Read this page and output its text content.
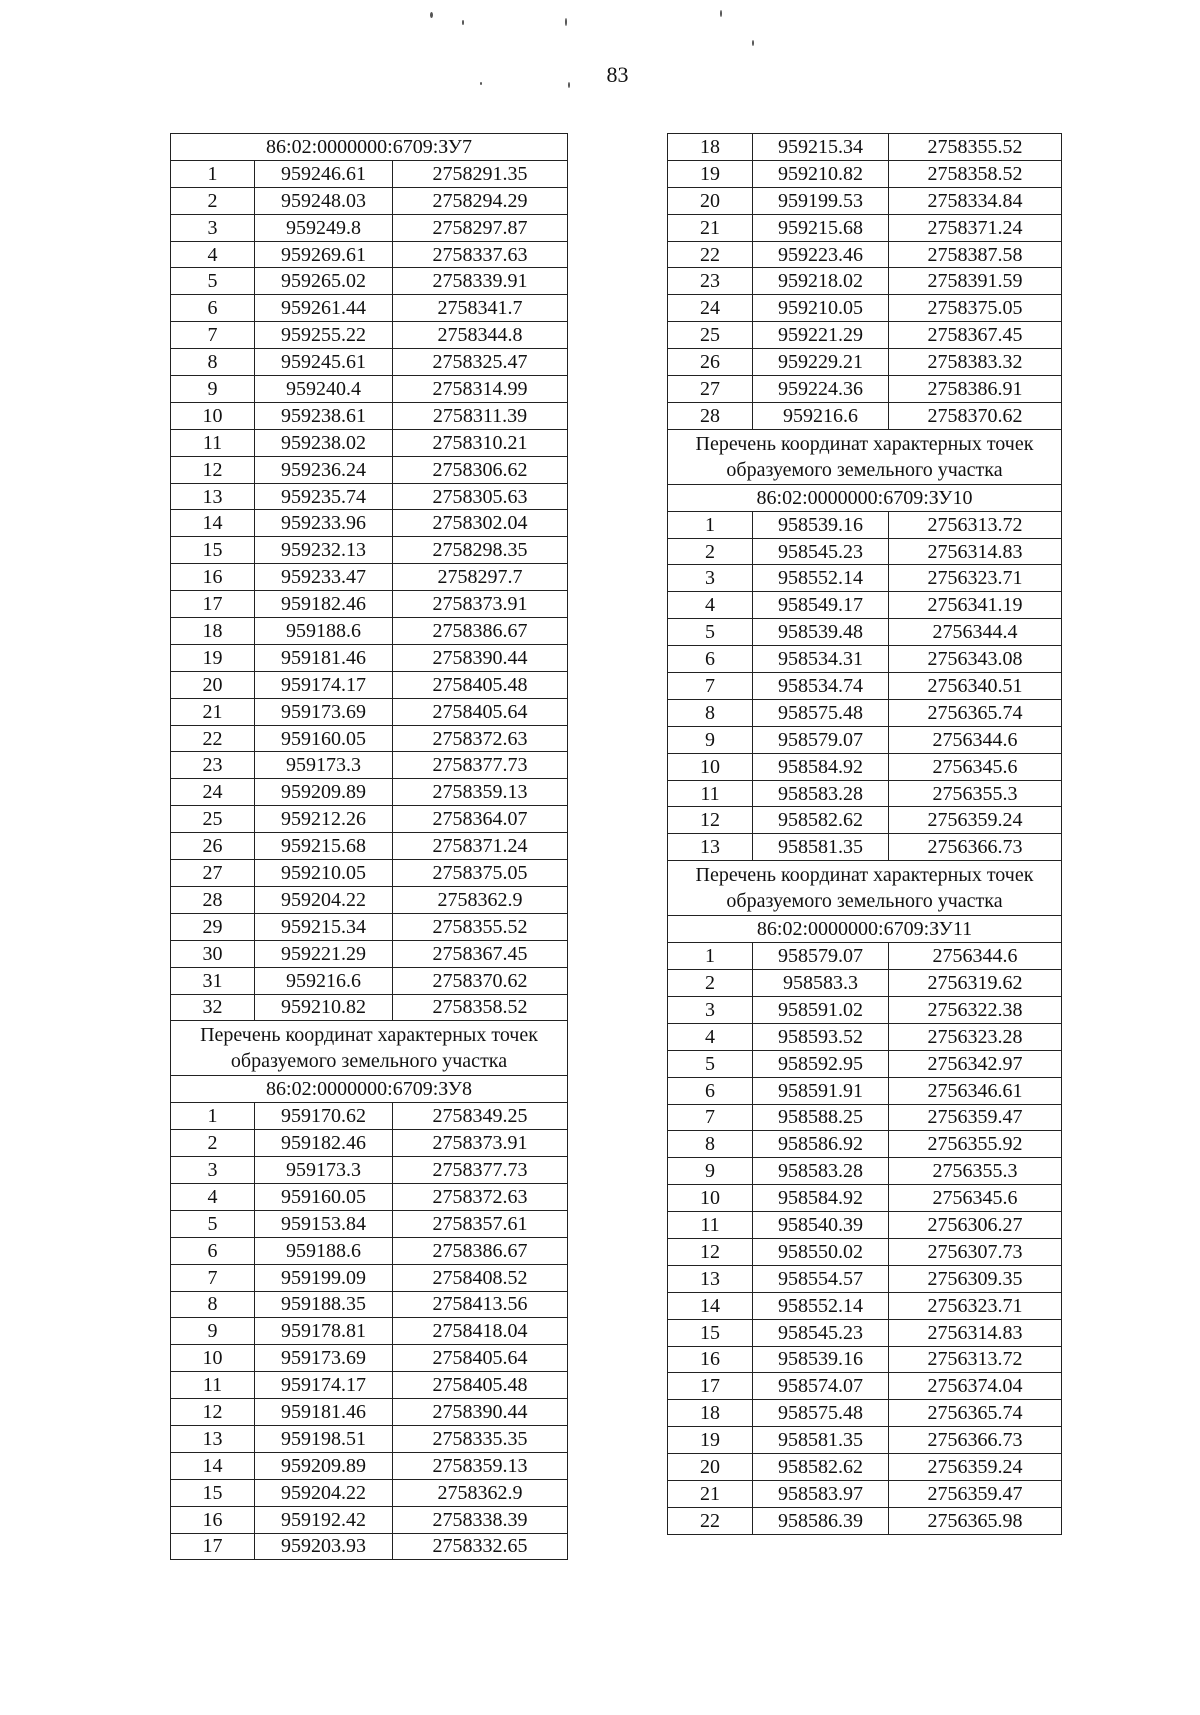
83
86:02:0000000:6709:ЗУ7		
1	959246.61	2758291.35
2	959248.03	2758294.29
3	959249.8	2758297.87
4	959269.61	2758337.63
5	959265.02	2758339.91
6	959261.44	2758341.7
7	959255.22	2758344.8
8	959245.61	2758325.47
9	959240.4	2758314.99
10	959238.61	2758311.39
11	959238.02	2758310.21
12	959236.24	2758306.62
13	959235.74	2758305.63
14	959233.96	2758302.04
15	959232.13	2758298.35
16	959233.47	2758297.7
17	959182.46	2758373.91
18	959188.6	2758386.67
19	959181.46	2758390.44
20	959174.17	2758405.48
21	959173.69	2758405.64
22	959160.05	2758372.63
23	959173.3	2758377.73
24	959209.89	2758359.13
25	959212.26	2758364.07
26	959215.68	2758371.24
27	959210.05	2758375.05
28	959204.22	2758362.9
29	959215.34	2758355.52
30	959221.29	2758367.45
31	959216.6	2758370.62
32	959210.82	2758358.52
Перечень координат характерных точек образуемого земельного участка		
86:02:0000000:6709:ЗУ8		
1	959170.62	2758349.25
2	959182.46	2758373.91
3	959173.3	2758377.73
4	959160.05	2758372.63
5	959153.84	2758357.61
6	959188.6	2758386.67
7	959199.09	2758408.52
8	959188.35	2758413.56
9	959178.81	2758418.04
10	959173.69	2758405.64
11	959174.17	2758405.48
12	959181.46	2758390.44
13	959198.51	2758335.35
14	959209.89	2758359.13
15	959204.22	2758362.9
16	959192.42	2758338.39
17	959203.93	2758332.65
18	959215.34	2758355.52
19	959210.82	2758358.52
20	959199.53	2758334.84
21	959215.68	2758371.24
22	959223.46	2758387.58
23	959218.02	2758391.59
24	959210.05	2758375.05
25	959221.29	2758367.45
26	959229.21	2758383.32
27	959224.36	2758386.91
28	959216.6	2758370.62
Перечень координат характерных точек образуемого земельного участка		
86:02:0000000:6709:ЗУ10		
1	958539.16	2756313.72
2	958545.23	2756314.83
3	958552.14	2756323.71
4	958549.17	2756341.19
5	958539.48	2756344.4
6	958534.31	2756343.08
7	958534.74	2756340.51
8	958575.48	2756365.74
9	958579.07	2756344.6
10	958584.92	2756345.6
11	958583.28	2756355.3
12	958582.62	2756359.24
13	958581.35	2756366.73
Перечень координат характерных точек образуемого земельного участка		
86:02:0000000:6709:ЗУ11		
1	958579.07	2756344.6
2	958583.3	2756319.62
3	958591.02	2756322.38
4	958593.52	2756323.28
5	958592.95	2756342.97
6	958591.91	2756346.61
7	958588.25	2756359.47
8	958586.92	2756355.92
9	958583.28	2756355.3
10	958584.92	2756345.6
11	958540.39	2756306.27
12	958550.02	2756307.73
13	958554.57	2756309.35
14	958552.14	2756323.71
15	958545.23	2756314.83
16	958539.16	2756313.72
17	958574.07	2756374.04
18	958575.48	2756365.74
19	958581.35	2756366.73
20	958582.62	2756359.24
21	958583.97	2756359.47
22	958586.39	2756365.98
